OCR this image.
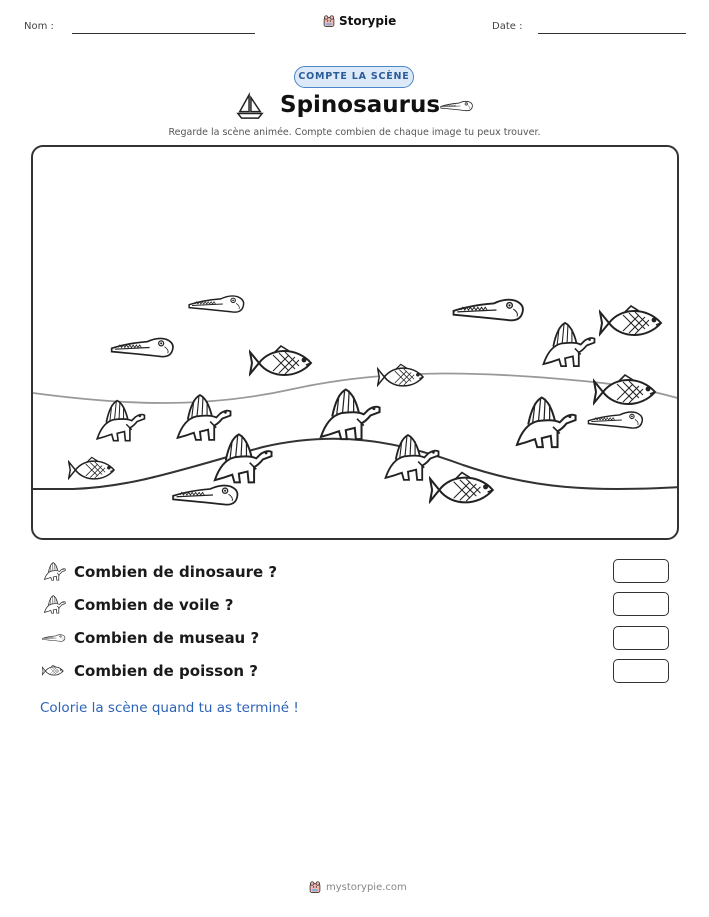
Nom :	Storypie	Date :
COMPTE LA SCÈNE
Spinosaurus
Regarde la scène animée. Compte combien de chaque image tu peux trouver.
Combien de dinosaure ?
Combien de voile ?
Combien de museau ?
Combien de poisson ?
Colorie la scène quand tu as terminé !
mystorypie.com
